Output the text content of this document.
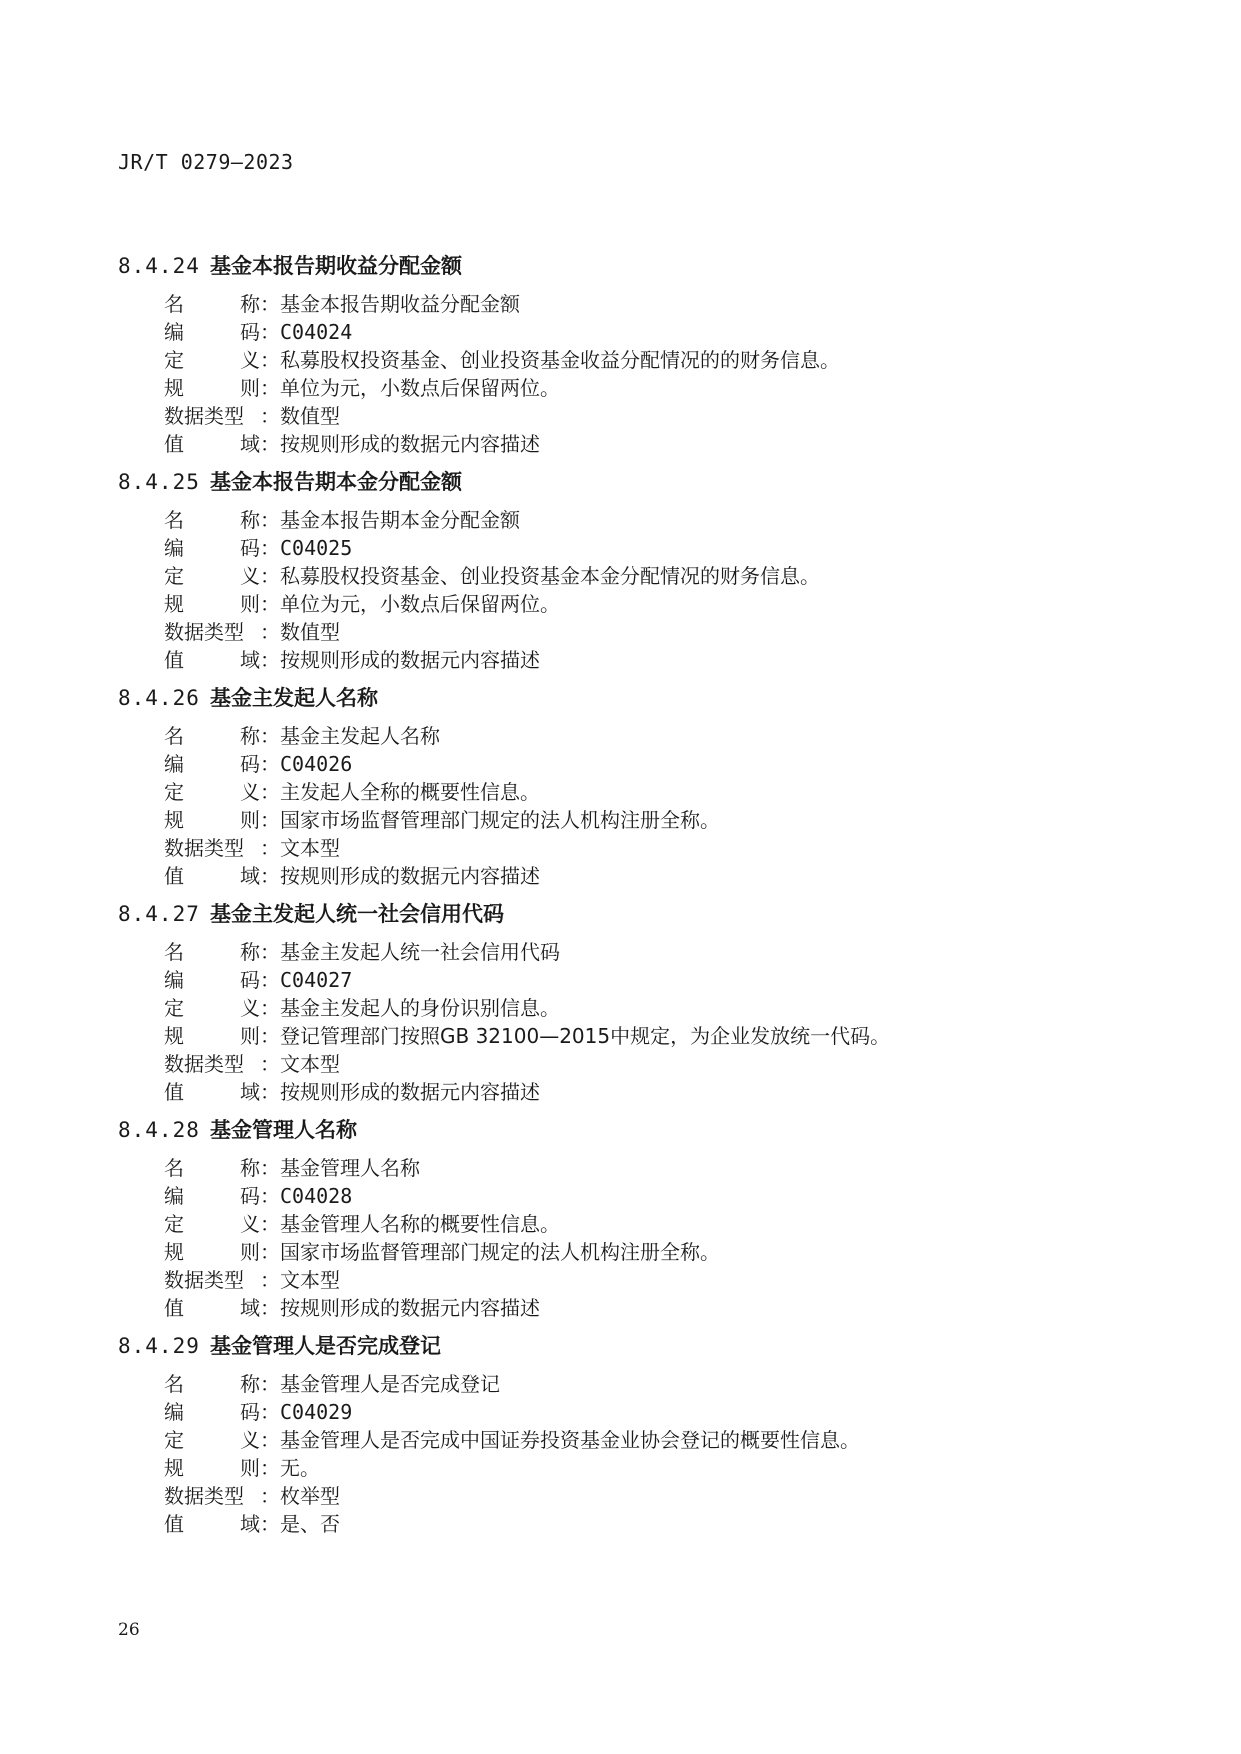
JR/T 0279—2023
8.4.24 基金本报告期收益分配金额
名	称 ： 基金本报告期收益分配金额
编	码 ： C04024
定	义 ： 私募股权投资基金、创业投资基金收益分配情况的的财务信息。
规	则 ： 单位为元，小数点后保留两位。
数据类型 ： 数值型
值	域 ： 按规则形成的数据元内容描述
8.4.25 基金本报告期本金分配金额
名	称 ： 基金本报告期本金分配金额
编	码 ： C04025
定	义 ： 私募股权投资基金、创业投资基金本金分配情况的财务信息。
规	则 ： 单位为元，小数点后保留两位。
数据类型 ： 数值型
值	域 ： 按规则形成的数据元内容描述
8.4.26 基金主发起人名称
名	称 ： 基金主发起人名称
编	码 ： C04026
定	义 ： 主发起人全称的概要性信息。
规	则 ： 国家市场监督管理部门规定的法人机构注册全称。
数据类型 ： 文本型
值	域 ： 按规则形成的数据元内容描述
8.4.27 基金主发起人统一社会信用代码
名	称 ： 基金主发起人统一社会信用代码
编	码 ： C04027
定	义 ： 基金主发起人的身份识别信息。
规	则 ： 登记管理部门按照GB 32100—2015中规定，为企业发放统一代码。
数据类型 ： 文本型
值	域 ： 按规则形成的数据元内容描述
8.4.28 基金管理人名称
名	称 ： 基金管理人名称
编	码 ： C04028
定	义 ： 基金管理人名称的概要性信息。
规	则 ： 国家市场监督管理部门规定的法人机构注册全称。
数据类型 ： 文本型
值	域 ： 按规则形成的数据元内容描述
8.4.29 基金管理人是否完成登记
名	称 ： 基金管理人是否完成登记
编	码 ： C04029
定	义 ： 基金管理人是否完成中国证券投资基金业协会登记的概要性信息。
规	则 ： 无。
数据类型 ： 枚举型
值	域 ： 是、否
26
